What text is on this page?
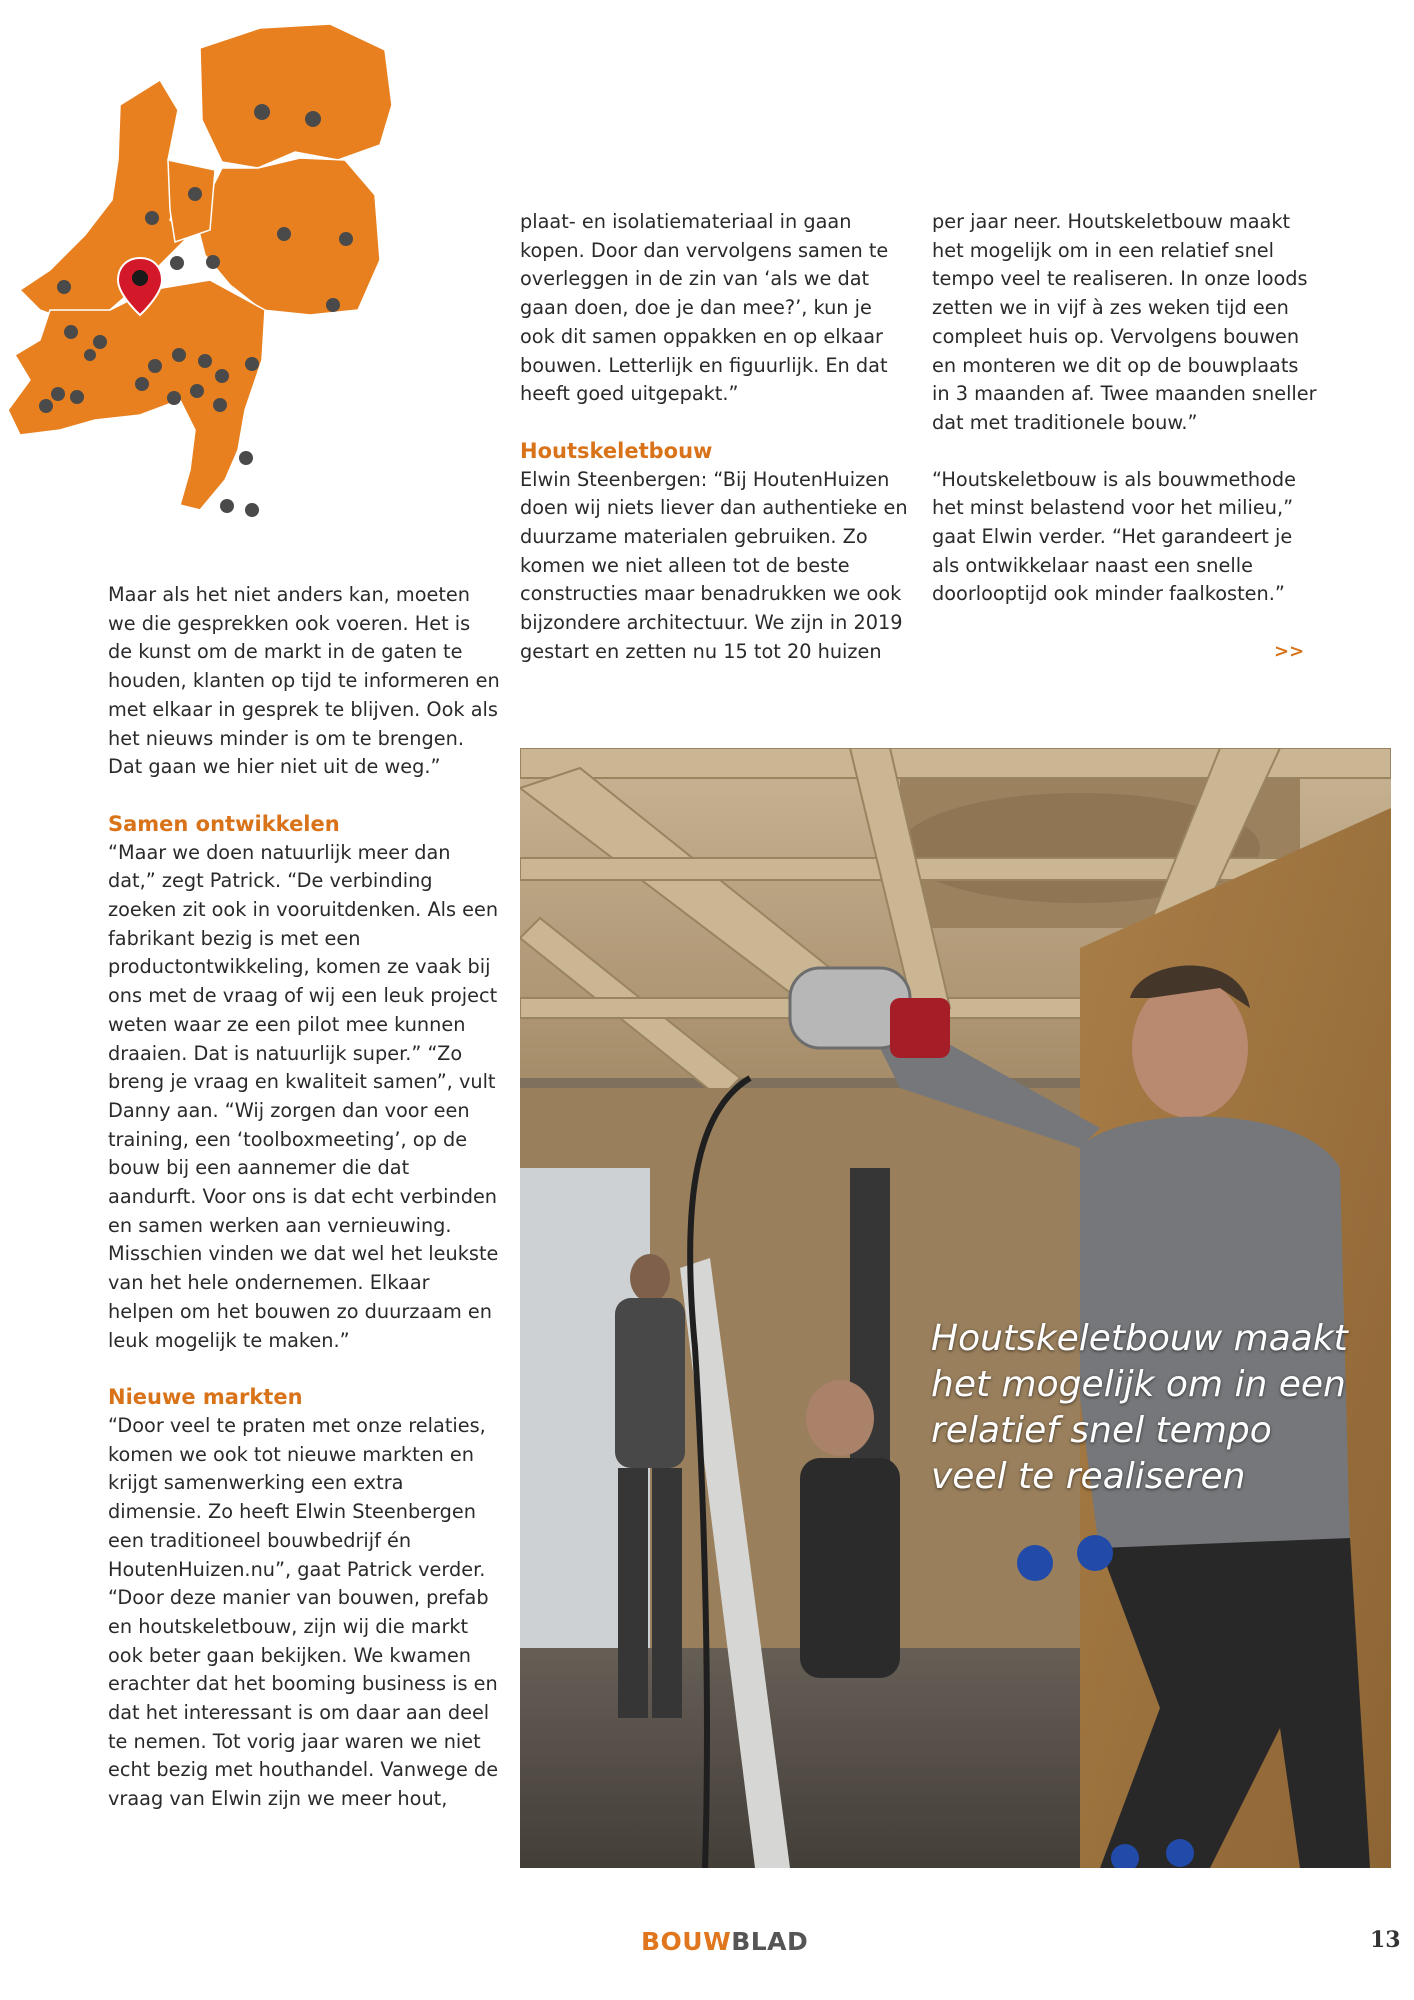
Maar als het niet anders kan, moeten we die gesprekken ook voeren. Het is de kunst om de markt in de gaten te houden, klanten op tijd te informeren en met elkaar in gesprek te blijven. Ook als het nieuws minder is om te brengen. Dat gaan we hier niet uit de weg.”

Samen ontwikkelen

“Maar we doen natuurlijk meer dan dat,” zegt Patrick. “De verbinding zoeken zit ook in vooruitdenken. Als een fabrikant bezig is met een productontwikkeling, komen ze vaak bij ons met de vraag of wij een leuk project weten waar ze een pilot mee kunnen draaien. Dat is natuurlijk super.” “Zo breng je vraag en kwaliteit samen”, vult Danny aan. “Wij zorgen dan voor een training, een ‘toolboxmeeting’, op de bouw bij een aannemer die dat aandurft. Voor ons is dat echt verbinden en samen werken aan vernieuwing. Misschien vinden we dat wel het leukste van het hele ondernemen. Elkaar helpen om het bouwen zo duurzaam en leuk mogelijk te maken.”

Nieuwe markten

“Door veel te praten met onze relaties, komen we ook tot nieuwe markten en krijgt samenwerking een extra dimensie. Zo heeft Elwin Steenbergen een traditioneel bouwbedrijf én HoutenHuizen.nu”, gaat Patrick verder. “Door deze manier van bouwen, prefab en houtskeletbouw, zijn wij die markt ook beter gaan bekijken. We kwamen erachter dat het booming business is en dat het interessant is om daar aan deel te nemen. Tot vorig jaar waren we niet echt bezig met houthandel. Vanwege de vraag van Elwin zijn we meer hout,

plaat- en isolatiemateriaal in gaan kopen. Door dan vervolgens samen te overleggen in de zin van ‘als we dat gaan doen, doe je dan mee?’, kun je ook dit samen oppakken en op elkaar bouwen. Letterlijk en figuurlijk. En dat heeft goed uitgepakt.”

Houtskeletbouw

Elwin Steenbergen: “Bij HoutenHuizen doen wij niets liever dan authentieke en duurzame materialen gebruiken. Zo komen we niet alleen tot de beste constructies maar benadrukken we ook bijzondere architectuur. We zijn in 2019 gestart en zetten nu 15 tot 20 huizen

per jaar neer. Houtskeletbouw maakt het mogelijk om in een relatief snel tempo veel te realiseren. In onze loods zetten we in vijf à zes weken tijd een compleet huis op. Vervolgens bouwen en monteren we dit op de bouwplaats in 3 maanden af. Twee maanden sneller dat met traditionele bouw.”

“Houtskeletbouw is als bouwmethode het minst belastend voor het milieu,” gaat Elwin verder. “Het garandeert je als ontwikkelaar naast een snelle doorlooptijd ook minder faalkosten.”

>>
Houtskeletbouw maakt het mogelijk om in een relatief snel tempo veel te realiseren
BOUWBLAD	13
